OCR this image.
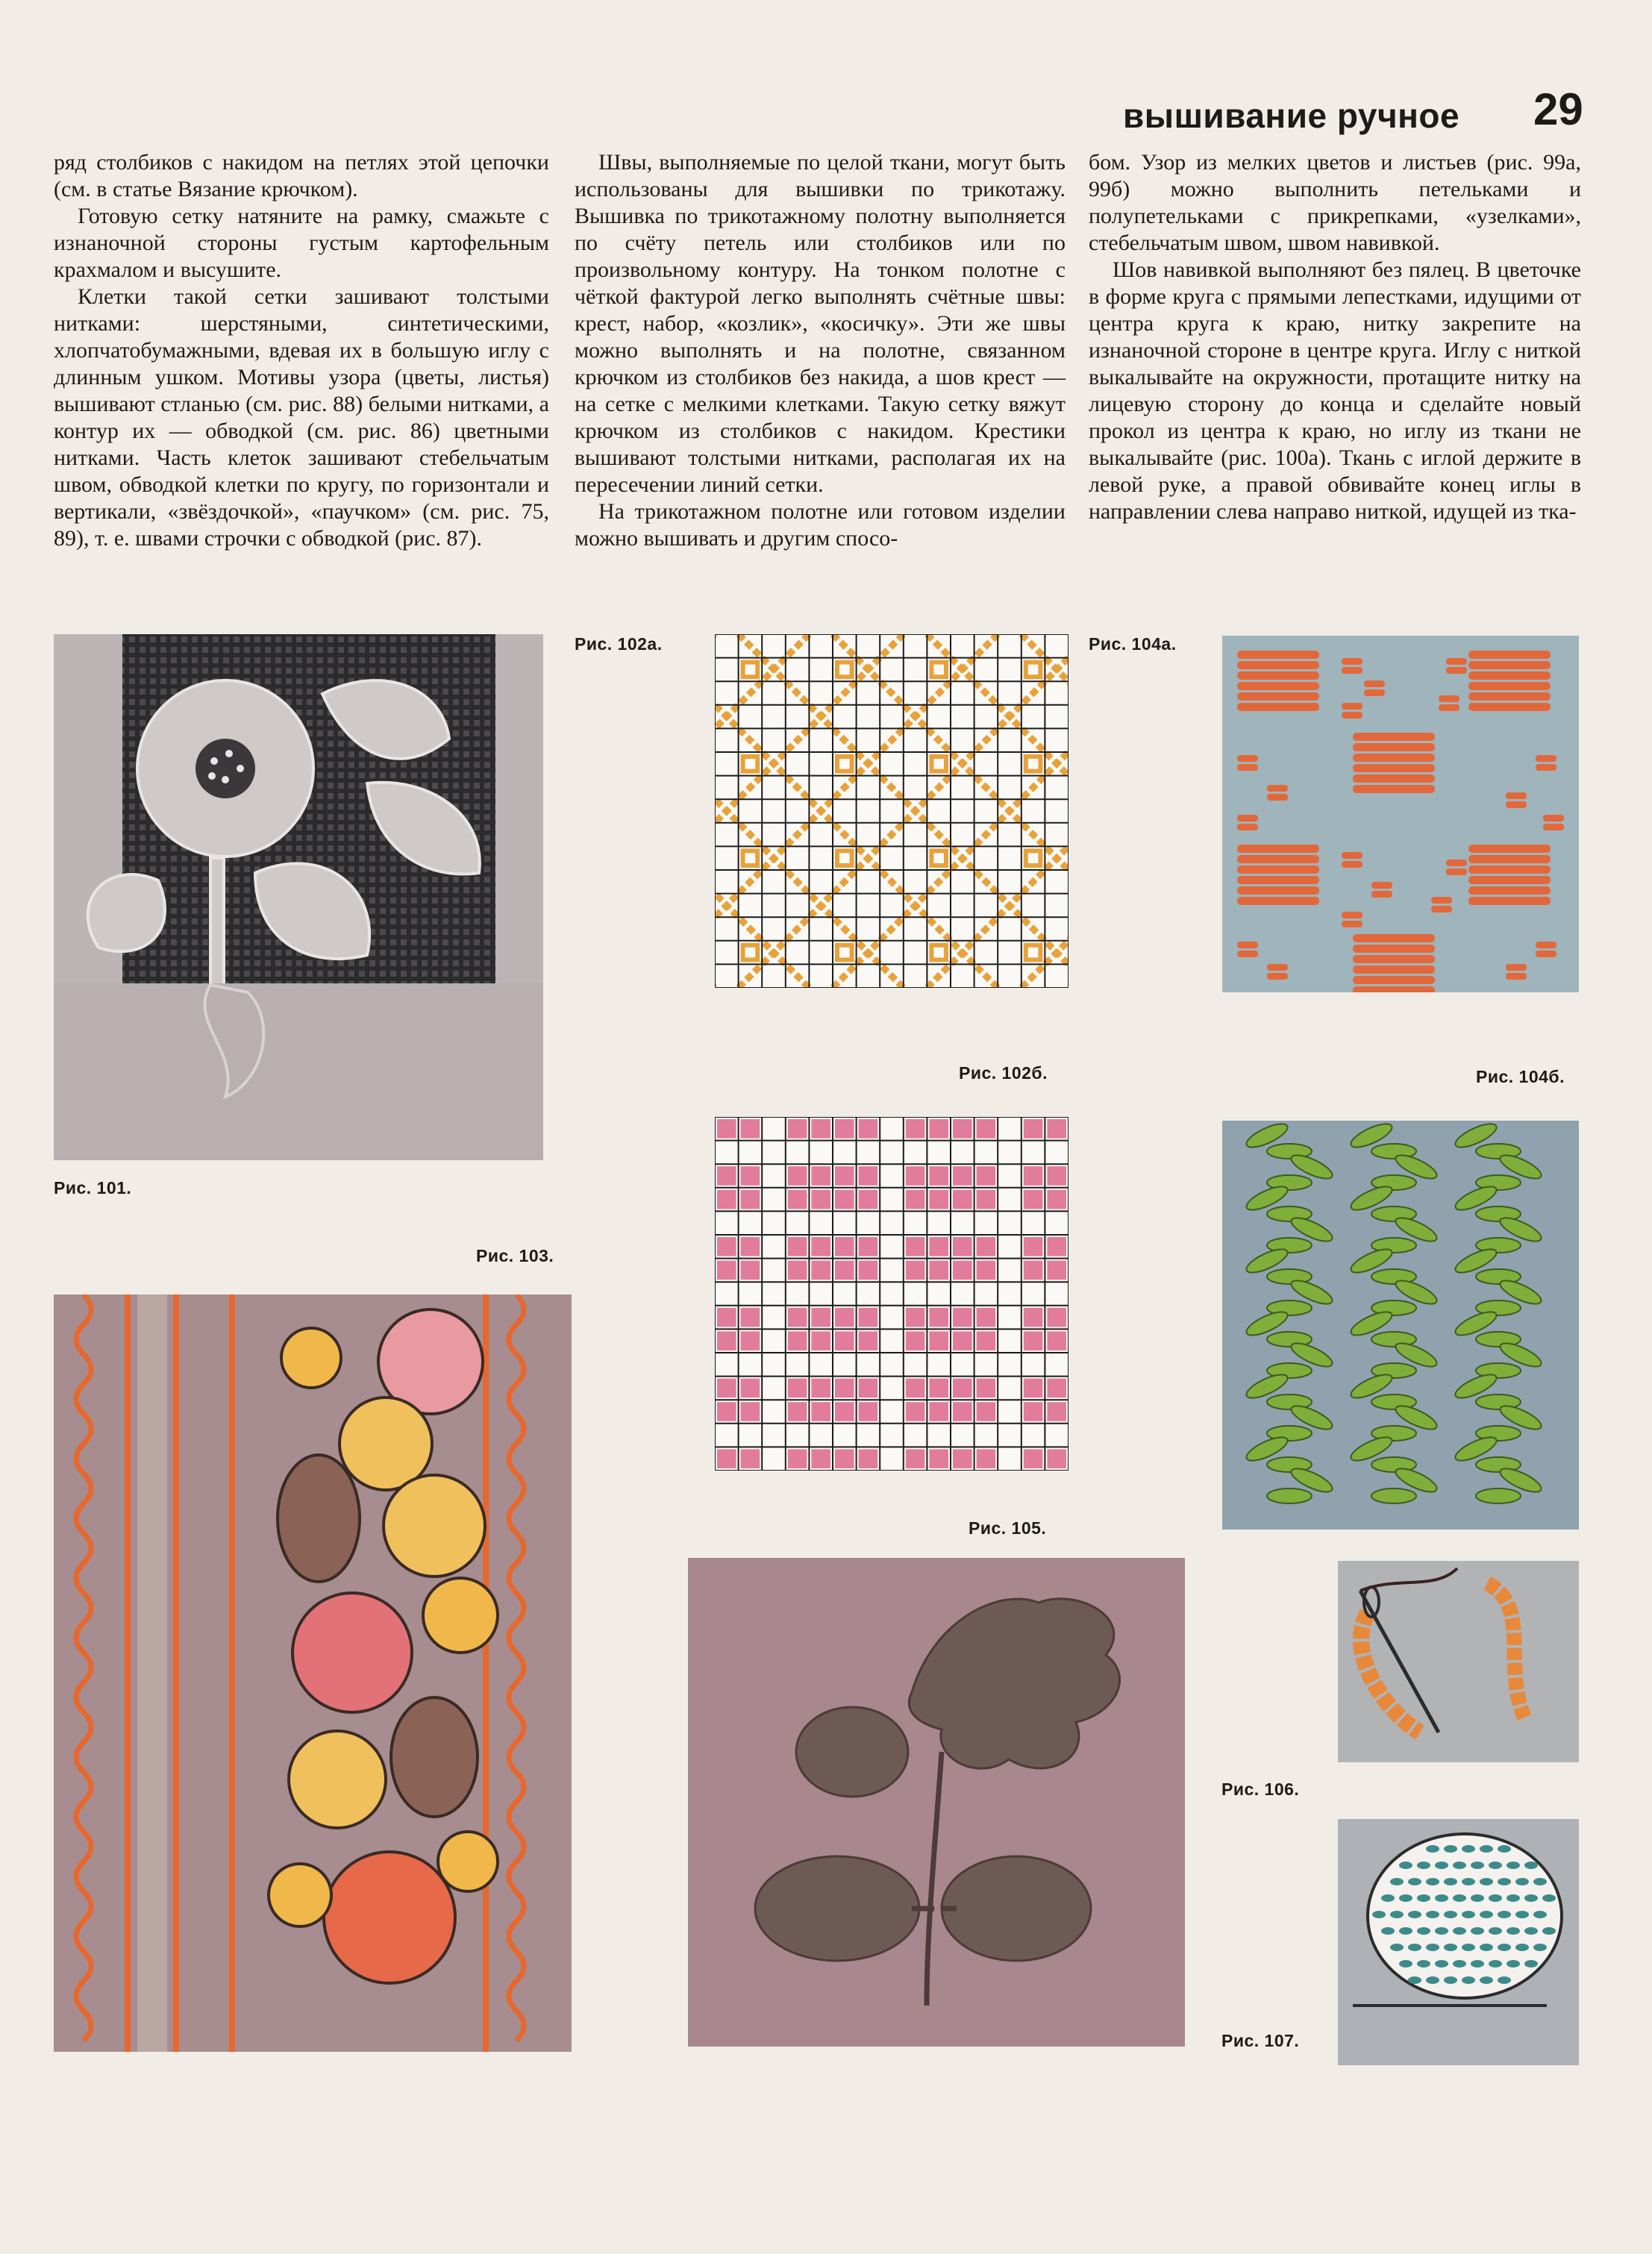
вышивание ручное 29

ряд столбиков с накидом на петлях этой цепочки (см. в статье Вязание крючком).

Готовую сетку натяните на рамку, смажьте с изнаночной стороны густым картофельным крахмалом и высушите.

Клетки такой сетки зашивают толстыми нитками: шерстяными, синтетическими, хлопчатобумажными, вдевая их в большую иглу с длинным ушком. Мотивы узора (цветы, листья) вышивают стланью (см. рис. 88) белыми нитками, а контур их — обводкой (см. рис. 86) цветными нитками. Часть клеток зашивают стебельчатым швом, обводкой клетки по кругу, по горизонтали и вертикали, «звёздочкой», «паучком» (см. рис. 75, 89), т. е. швами строчки с обводкой (рис. 87).

Швы, выполняемые по целой ткани, могут быть использованы для вышивки по трикотажу. Вышивка по трикотажному полотну выполняется по счёту петель или столбиков или по произвольному контуру. На тонком полотне с чёткой фактурой легко выполнять счётные швы: крест, набор, «козлик», «косичку». Эти же швы можно выполнять и на полотне, связанном крючком из столбиков без накида, а шов крест — на сетке с мелкими клетками. Такую сетку вяжут крючком из столбиков с накидом. Крестики вышивают толстыми нитками, располагая их на пересечении линий сетки.

На трикотажном полотне или готовом изделии можно вышивать и другим спосо-

бом. Узор из мелких цветов и листьев (рис. 99а, 99б) можно выполнить петельками и полупетельками с прикрепками, «узелками», стебельчатым швом, швом навивкой.

Шов навивкой выполняют без пялец. В цветочке в форме круга с прямыми лепестками, идущими от центра круга к краю, нитку закрепите на изнаночной стороне в центре круга. Иглу с ниткой выкалывайте на окружности, протащите нитку на лицевую сторону до конца и сделайте новый прокол из центра к краю, но иглу из ткани не выкалывайте (рис. 100а). Ткань с иглой держите в левой руке, а правой обвивайте конец иглы в направлении слева направо ниткой, идущей из тка-

Рис. 101.
Рис. 102а.
Рис. 102б.
Рис. 103.
Рис. 104а.
Рис. 104б.
Рис. 105.
Рис. 106.
Рис. 107.
